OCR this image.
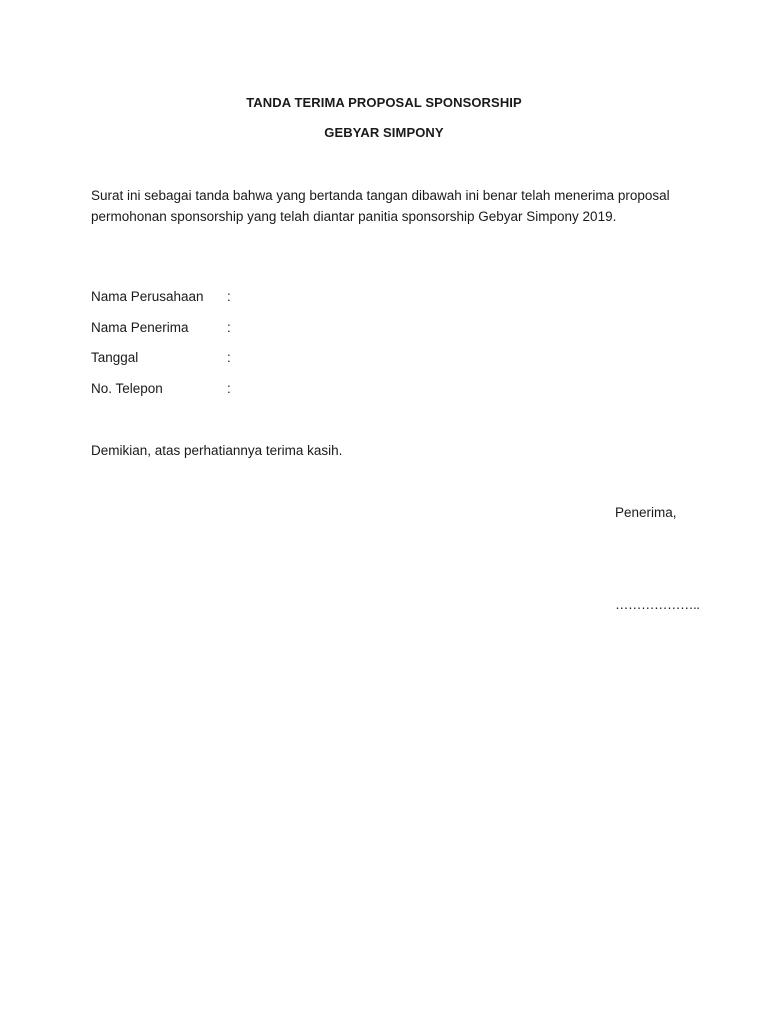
TANDA TERIMA PROPOSAL SPONSORSHIP
GEBYAR SIMPONY
Surat ini sebagai tanda bahwa yang bertanda tangan dibawah ini benar telah menerima proposal permohonan sponsorship yang telah diantar panitia sponsorship Gebyar Simpony 2019.
Nama Perusahaan	:
Nama Penerima	:
Tanggal	:
No. Telepon	:
Demikian, atas perhatiannya terima kasih.
Penerima,
………………..
